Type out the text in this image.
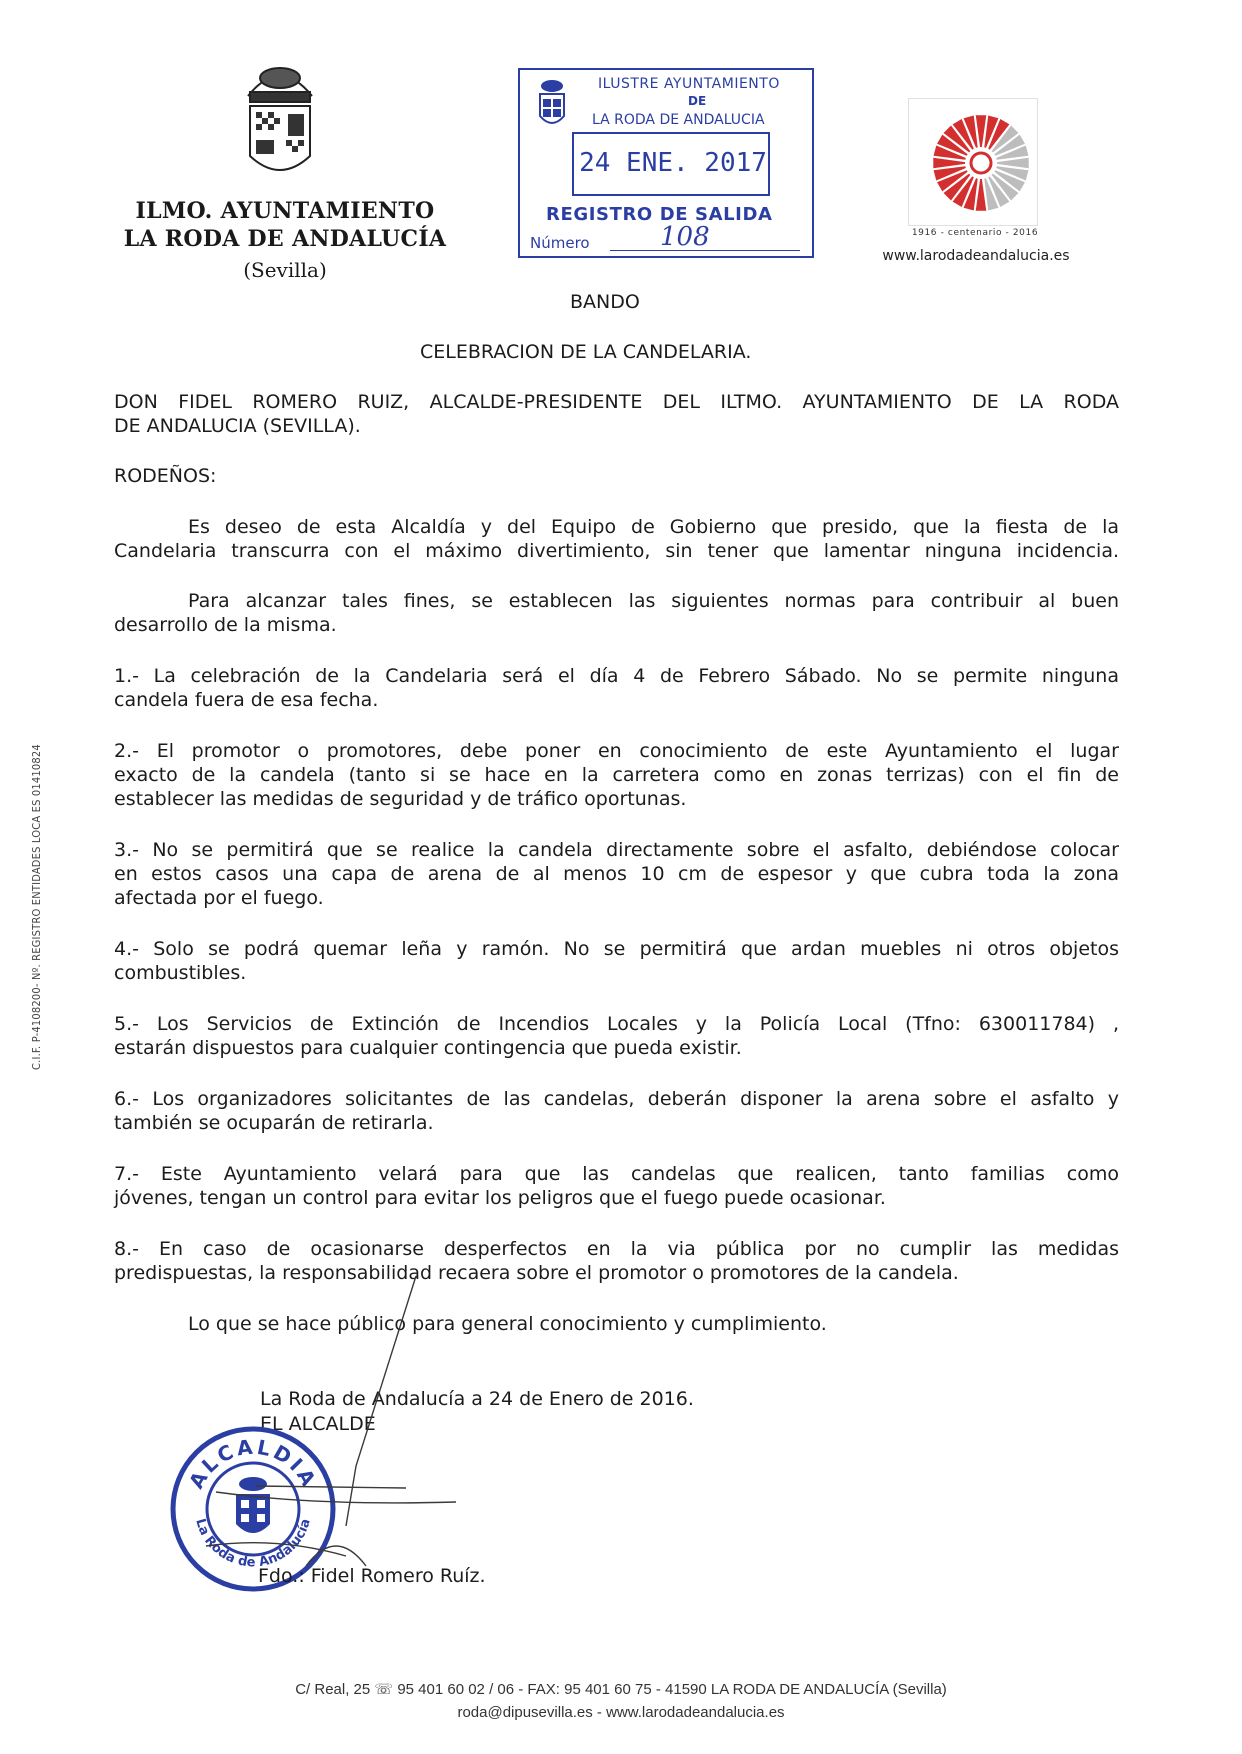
ILMO. AYUNTAMIENTO
LA RODA DE ANDALUCÍA
(Sevilla)
ILUSTRE AYUNTAMIENTO
DE
LA RODA DE ANDALUCIA
24 ENE. 2017
REGISTRO DE SALIDA
Número	108	1916 - centenario - 2016
www.larodadeandalucia.es
BANDO
CELEBRACION DE LA CANDELARIA.
DON FIDEL ROMERO RUIZ, ALCALDE-PRESIDENTE DEL ILTMO. AYUNTAMIENTO DE LA RODA
DE ANDALUCIA (SEVILLA).
RODEÑOS:
Es deseo de esta Alcaldía y del Equipo de Gobierno que presido, que la fiesta de la
Candelaria transcurra con el máximo divertimiento, sin tener que lamentar ninguna incidencia.
Para alcanzar tales fines, se establecen las siguientes normas para contribuir al buen
desarrollo de la misma.
1.- La celebración de la Candelaria será el día 4 de Febrero Sábado. No se permite ninguna
candela fuera de esa fecha.
2.- El promotor o promotores, debe poner en conocimiento de este Ayuntamiento el lugar
exacto de la candela (tanto si se hace en la carretera como en zonas terrizas) con el fin de
establecer las medidas de seguridad y de tráfico oportunas.
3.- No se permitirá que se realice la candela directamente sobre el asfalto, debiéndose colocar
en estos casos una capa de arena de al menos 10 cm de espesor y que cubra toda la zona
afectada por el fuego.
4.- Solo se podrá quemar leña y ramón. No se permitirá que ardan muebles ni otros objetos
combustibles.
5.- Los Servicios de Extinción de Incendios Locales y la Policía Local (Tfno: 630011784) ,
estarán dispuestos para cualquier contingencia que pueda existir.
6.- Los organizadores solicitantes de las candelas, deberán disponer la arena sobre el asfalto y
también se ocuparán de retirarla.
7.- Este Ayuntamiento velará para que las candelas que realicen, tanto familias como
jóvenes, tengan un control para evitar los peligros que el fuego puede ocasionar.
8.- En caso de ocasionarse desperfectos en la via pública por no cumplir las medidas
predispuestas, la responsabilidad recaera sobre el promotor o promotores de la candela.
Lo que se hace público para general conocimiento y cumplimiento.
La Roda de Andalucía a 24 de Enero de 2016.
EL ALCALDE
ALCALDIA
La Roda de Andalucía
Fdo.: Fidel Romero Ruíz.
C.I.F. P-4108200- Nº. REGISTRO ENTIDADES LOCA ES 01410824
C/ Real, 25 ☏ 95 401 60 02 / 06 - FAX: 95 401 60 75 - 41590 LA RODA DE ANDALUCÍA (Sevilla)
roda@dipusevilla.es - www.larodadeandalucia.es
